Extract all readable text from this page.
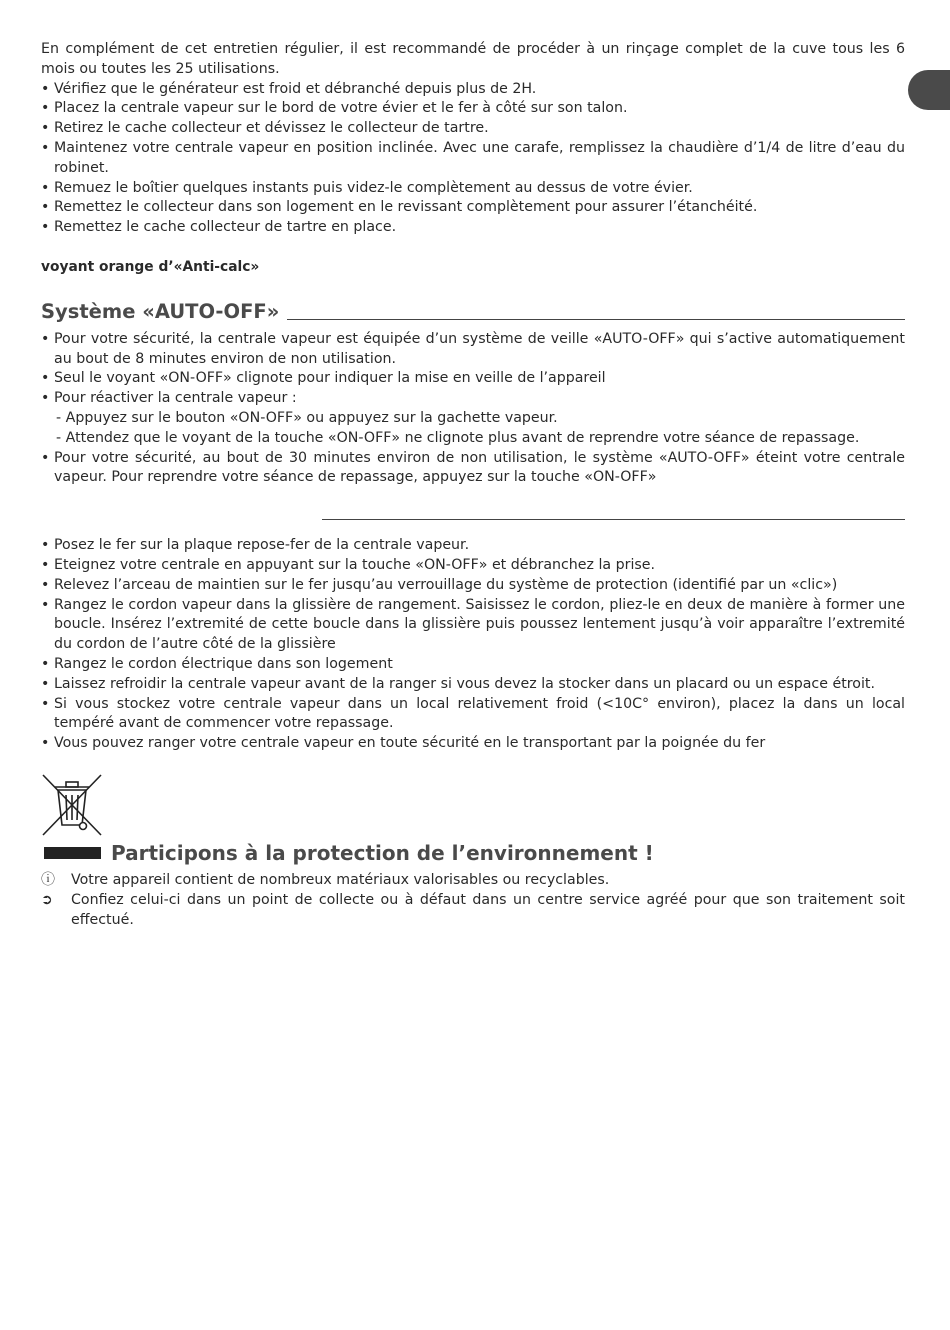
En complément de cet entretien régulier, il est recommandé de procéder à un rinçage complet de la cuve tous les 6 mois ou toutes les 25 utilisations.

• Vérifiez que le générateur est froid et débranché depuis plus de 2H.
• Placez la centrale vapeur sur le bord de votre évier et le fer à côté sur son talon.
• Retirez le cache collecteur et dévissez le collecteur de tartre.
• Maintenez votre centrale vapeur en position inclinée. Avec une carafe, remplissez la chaudière d’1/4 de litre d’eau du robinet.
• Remuez le boîtier quelques instants puis videz-le complètement au dessus de votre évier.
• Remettez le collecteur dans son logement en le revissant complètement pour assurer l’étanchéité.
• Remettez le cache collecteur de tartre en place.

voyant orange d’«Anti-calc»

Système «AUTO-OFF»
• Pour votre sécurité, la centrale vapeur est équipée d’un système de veille «AUTO-OFF» qui s’active automatiquement au bout de 8 minutes environ de non utilisation.
• Seul le voyant «ON-OFF» clignote pour indiquer la mise en veille de l’appareil
• Pour réactiver la centrale vapeur :
- Appuyez sur le bouton «ON-OFF» ou appuyez sur la gachette vapeur.
- Attendez que le voyant de la touche «ON-OFF» ne clignote plus avant de reprendre votre séance de repassage.
• Pour votre sécurité, au bout de 30 minutes environ de non utilisation, le système «AUTO-OFF» éteint votre centrale vapeur. Pour reprendre votre séance de repassage, appuyez sur la touche «ON-OFF»
• Posez le fer sur la plaque repose-fer de la centrale vapeur.
• Eteignez votre centrale en appuyant sur la touche «ON-OFF» et débranchez la prise.
• Relevez l’arceau de maintien sur le fer jusqu’au verrouillage du système de protection (identifié par un «clic»)
• Rangez le cordon vapeur dans la glissière de rangement. Saisissez le cordon, pliez-le en deux de manière à former une boucle. Insérez l’extremité de cette boucle dans la glissière puis poussez lentement jusqu’à voir apparaître l’extremité du cordon de l’autre côté de la glissière
• Rangez le cordon électrique dans son logement
• Laissez refroidir la centrale vapeur avant de la ranger si vous devez la stocker dans un placard ou un espace étroit.
• Si vous stockez votre centrale vapeur dans un local relativement froid (<10C° environ), placez la dans un local tempéré avant de commencer votre repassage.
• Vous pouvez ranger votre centrale vapeur en toute sécurité en le transportant par la poignée du fer
Participons à la protection de l’environnement !
ⓘ	Votre appareil contient de nombreux matériaux valorisables ou recyclables.
➲	Confiez celui-ci dans un point de collecte ou à défaut dans un centre service agréé pour que son traitement soit effectué.
